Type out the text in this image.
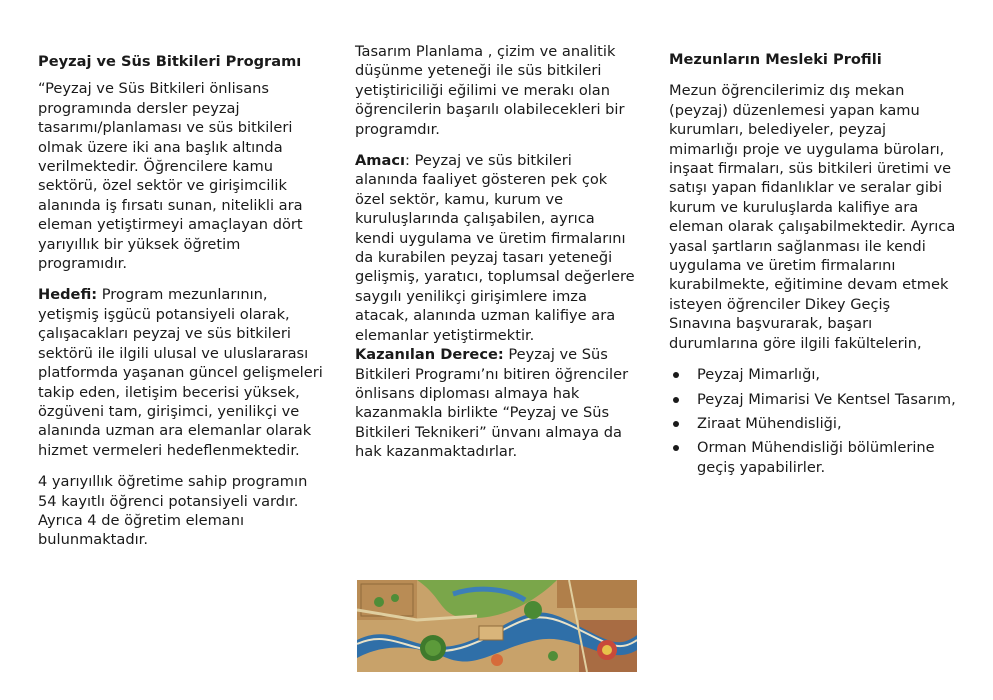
Peyzaj ve Süs Bitkileri Programı

“Peyzaj ve Süs Bitkileri önlisans programında dersler peyzaj tasarımı/planlaması ve süs bitkileri olmak üzere iki ana başlık altında verilmektedir. Öğrencilere kamu sektörü, özel sektör ve girişimcilik alanında iş fırsatı sunan, nitelikli ara eleman yetiştirmeyi amaçlayan dört yarıyıllık bir yüksek öğretim programıdır.

Hedefi: Program mezunlarının, yetişmiş işgücü potansiyeli olarak, çalışacakları peyzaj ve süs bitkileri sektörü ile ilgili ulusal ve uluslararası platformda yaşanan güncel gelişmeleri takip eden, iletişim becerisi yüksek, özgüveni tam, girişimci, yenilikçi ve alanında uzman ara elemanlar olarak hizmet vermeleri hedeflenmektedir.

4 yarıyıllık öğretime sahip programın 54 kayıtlı öğrenci potansiyeli vardır. Ayrıca 4 de öğretim elemanı bulunmaktadır.

Tasarım Planlama , çizim ve analitik düşünme yeteneği ile süs bitkileri yetiştiriciliği eğilimi ve merakı olan öğrencilerin başarılı olabilecekleri bir programdır.

Amacı: Peyzaj ve süs bitkileri alanında faaliyet gösteren pek çok özel sektör, kamu, kurum ve kuruluşlarında çalışabilen, ayrıca kendi uygulama ve üretim firmalarını da kurabilen peyzaj tasarı yeteneği gelişmiş, yaratıcı, toplumsal değerlere saygılı yenilikçi girişimlere imza atacak, alanında uzman kalifiye ara elemanlar yetiştirmektir.

Kazanılan Derece: Peyzaj ve Süs Bitkileri Programı’nı bitiren öğrenciler önlisans diploması almaya hak kazanmakla birlikte “Peyzaj ve Süs Bitkileri Teknikeri” ünvanı almaya da hak kazanmaktadırlar.

Mezunların Mesleki Profili

Mezun öğrencilerimiz dış mekan (peyzaj) düzenlemesi yapan kamu kurumları, belediyeler, peyzaj mimarlığı proje ve uygulama büroları, inşaat firmaları, süs bitkileri üretimi ve satışı yapan fidanlıklar ve seralar gibi kurum ve kuruluşlarda kalifiye ara eleman olarak çalışabilmektedir. Ayrıca yasal şartların sağlanması ile kendi uygulama ve üretim firmalarını kurabilmekte, eğitimine devam etmek isteyen öğrenciler Dikey Geçiş Sınavına başvurarak, başarı durumlarına göre ilgili fakültelerin,

Peyzaj Mimarlığı,
Peyzaj Mimarisi Ve Kentsel Tasarım,
Ziraat Mühendisliği,
Orman Mühendisliği bölümlerine geçiş yapabilirler.
